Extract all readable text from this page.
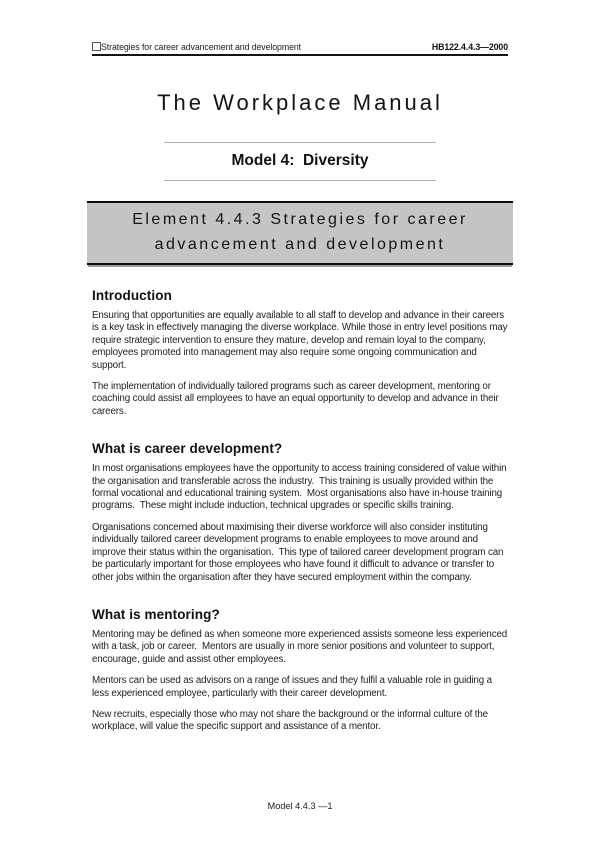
Strategies for career advancement and development	HB122.4.4.3—2000
The Workplace Manual
Model 4:  Diversity
Element 4.4.3 Strategies for career
advancement and development
Introduction

Ensuring that opportunities are equally available to all staff to develop and advance in their careers is a key task in effectively managing the diverse workplace. While those in entry level positions may require strategic intervention to ensure they mature, develop and remain loyal to the company, employees promoted into management may also require some ongoing communication and support.

The implementation of individually tailored programs such as career development, mentoring or coaching could assist all employees to have an equal opportunity to develop and advance in their careers.

What is career development?

In most organisations employees have the opportunity to access training considered of value within the organisation and transferable across the industry.  This training is usually provided within the formal vocational and educational training system.  Most organisations also have in-house training programs.  These might include induction, technical upgrades or specific skills training.

Organisations concerned about maximising their diverse workforce will also consider instituting individually tailored career development programs to enable employees to move around and improve their status within the organisation.  This type of tailored career development program can be particularly important for those employees who have found it difficult to advance or transfer to other jobs within the organisation after they have secured employment within the company.

What is mentoring?

Mentoring may be defined as when someone more experienced assists someone less experienced with a task, job or career.  Mentors are usually in more senior positions and volunteer to support, encourage, guide and assist other employees.

Mentors can be used as advisors on a range of issues and they fulfil a valuable role in guiding a less experienced employee, particularly with their career development.

New recruits, especially those who may not share the background or the informal culture of the workplace, will value the specific support and assistance of a mentor.

Model 4.4.3 —1
